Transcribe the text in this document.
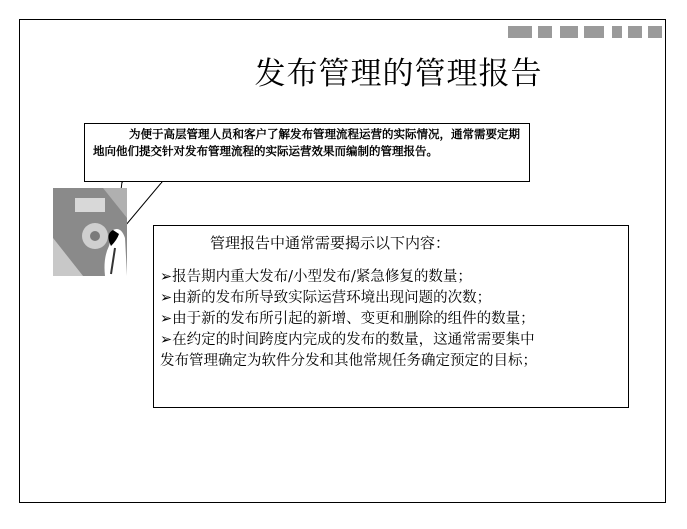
发布管理的管理报告
为便于高层管理人员和客户了解发布管理流程运营的实际情况，通常需要定期地向他们提交针对发布管理流程的实际运营效果而编制的管理报告。
管理报告中通常需要揭示以下内容：
➢报告期内重大发布/小型发布/紧急修复的数量；
➢由新的发布所导致实际运营环境出现问题的次数；
➢由于新的发布所引起的新增、变更和删除的组件的数量；
➢在约定的时间跨度内完成的发布的数量，这通常需要集中
发布管理确定为软件分发和其他常规任务确定预定的目标；
